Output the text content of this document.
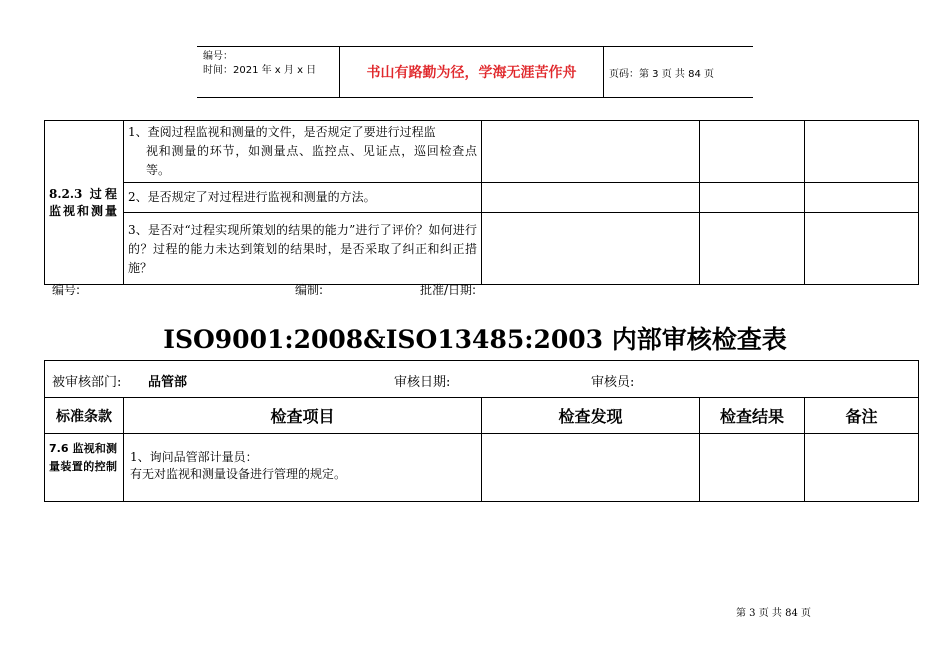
编号：
时间：2021 年 x 月 x 日	书山有路勤为径，学海无涯苦作舟	页码：第 3 页 共 84 页
8.2.3 过程监视和测量	1、查阅过程监视和测量的文件，是否规定了要进行过程监
视和测量的环节，如测量点、监控点、见证点，巡回检查点等。			

	2、是否规定了对过程进行监视和测量的方法。			
	3、是否对“过程实现所策划的结果的能力”进行了评价？如何进行的？过程的能力未达到策划的结果时，是否采取了纠正和纠正措施？			
编号:	编制:	批准/日期:
ISO9001:2008&ISO13485:2003 内部审核检查表
被审核部门: 品管部 审核日期: 审核员:				

标准条款	检查项目	检查发现	检查结果	备注
7.6 监视和测量装置的控制	1、询问品管部计量员：
有无对监视和测量设备进行管理的规定。			

第 3 页 共 84 页
